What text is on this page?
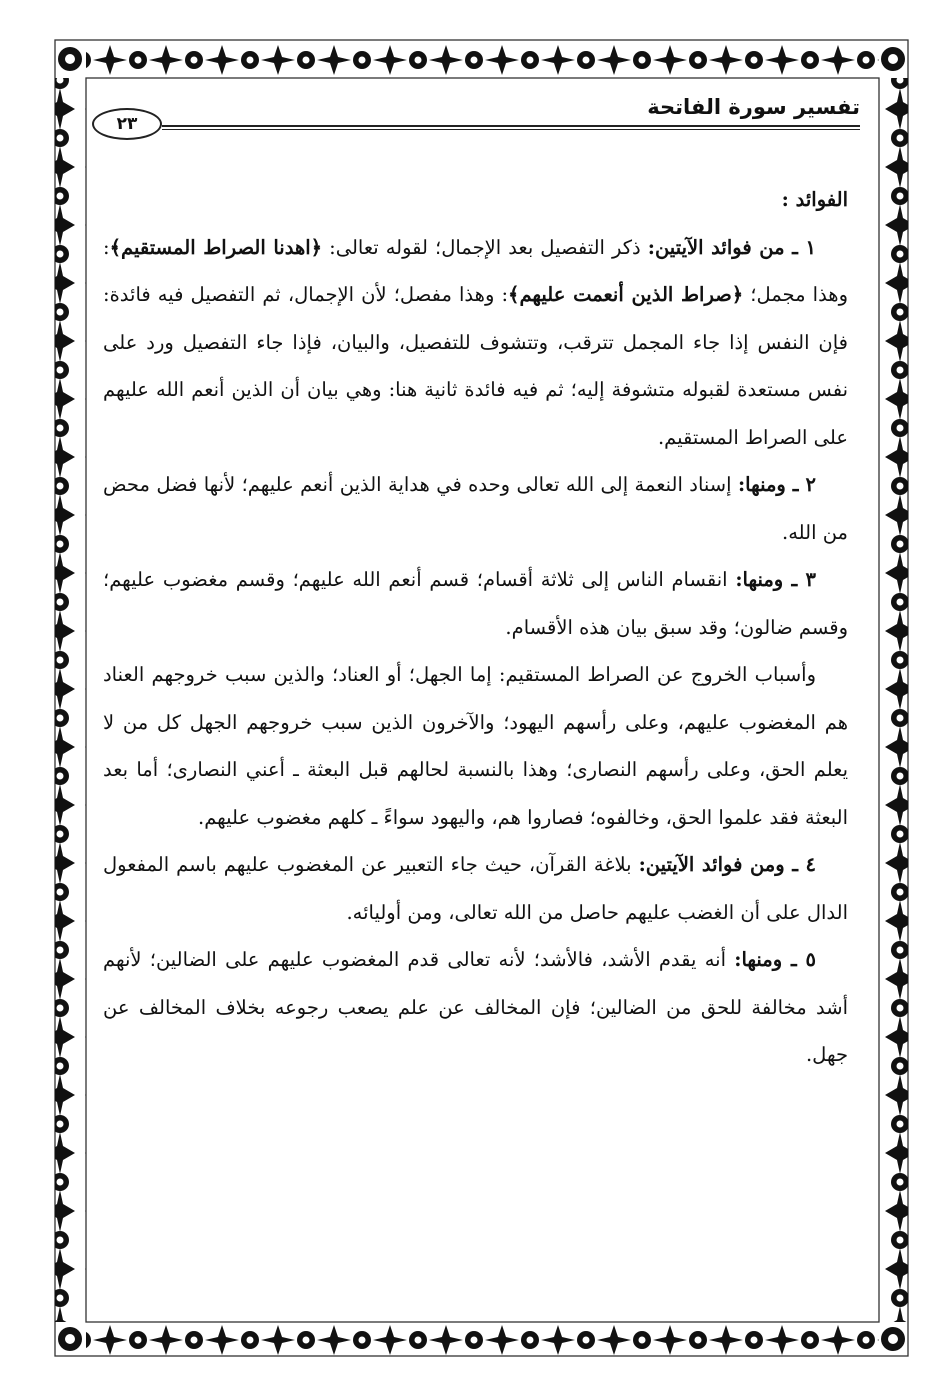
تفسير سورة الفاتحة
٢٣

الفوائد :

١ ـ من فوائد الآيتين: ذكر التفصيل بعد الإجمال؛ لقوله تعالى: ﴿اهدنا الصراط المستقيم﴾: وهذا مجمل؛ ﴿صراط الذين أنعمت عليهم﴾: وهذا مفصل؛ لأن الإجمال، ثم التفصيل فيه فائدة: فإن النفس إذا جاء المجمل تترقب، وتتشوف للتفصيل، والبيان، فإذا جاء التفصيل ورد على نفس مستعدة لقبوله متشوفة إليه؛ ثم فيه فائدة ثانية هنا: وهي بيان أن الذين أنعم الله عليهم على الصراط المستقيم.

٢ ـ ومنها: إسناد النعمة إلى الله تعالى وحده في هداية الذين أنعم عليهم؛ لأنها فضل محض من الله.

٣ ـ ومنها: انقسام الناس إلى ثلاثة أقسام؛ قسم أنعم الله عليهم؛ وقسم مغضوب عليهم؛ وقسم ضالون؛ وقد سبق بيان هذه الأقسام.

وأسباب الخروج عن الصراط المستقيم: إما الجهل؛ أو العناد؛ والذين سبب خروجهم العناد هم المغضوب عليهم، وعلى رأسهم اليهود؛ والآخرون الذين سبب خروجهم الجهل كل من لا يعلم الحق، وعلى رأسهم النصارى؛ وهذا بالنسبة لحالهم قبل البعثة ـ أعني النصارى؛ أما بعد البعثة فقد علموا الحق، وخالفوه؛ فصاروا هم، واليهود سواءً ـ كلهم مغضوب عليهم.

٤ ـ ومن فوائد الآيتين: بلاغة القرآن، حيث جاء التعبير عن المغضوب عليهم باسم المفعول الدال على أن الغضب عليهم حاصل من الله تعالى، ومن أوليائه.

٥ ـ ومنها: أنه يقدم الأشد، فالأشد؛ لأنه تعالى قدم المغضوب عليهم على الضالين؛ لأنهم أشد مخالفة للحق من الضالين؛ فإن المخالف عن علم يصعب رجوعه بخلاف المخالف عن جهل.
